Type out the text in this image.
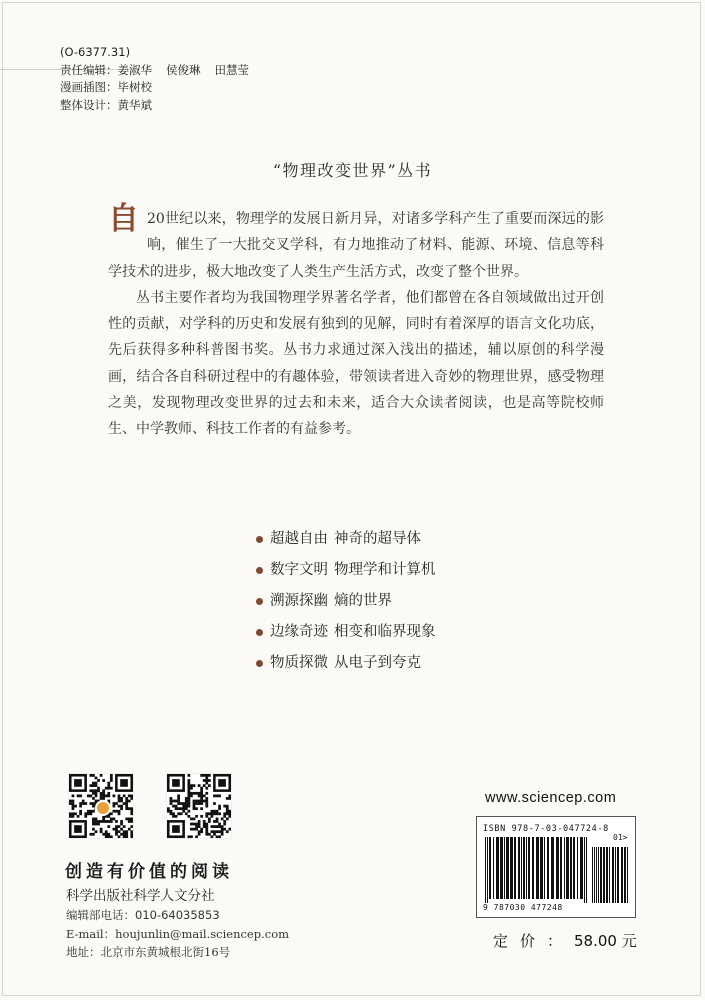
(O-6377.31)
责任编辑：姜淑华 侯俊琳 田慧莹
漫画插图：毕树校
整体设计：黄华斌
“物理改变世界”丛书

自 20世纪以来，物理学的发展日新月异，对诸多学科产生了重要而深远的影响，催生了一大批交叉学科，有力地推动了材料、能源、环境、信息等科学技术的进步，极大地改变了人类生产生活方式，改变了整个世界。

丛书主要作者均为我国物理学界著名学者，他们都曾在各自领域做出过开创性的贡献，对学科的历史和发展有独到的见解，同时有着深厚的语言文化功底，先后获得多种科普图书奖。丛书力求通过深入浅出的描述，辅以原创的科学漫画，结合各自科研过程中的有趣体验，带领读者进入奇妙的物理世界，感受物理之美，发现物理改变世界的过去和未来，适合大众读者阅读，也是高等院校师生、中学教师、科技工作者的有益参考。

超越自由 神奇的超导体
数字文明 物理学和计算机
溯源探幽 熵的世界
边缘奇迹 相变和临界现象
物质探微 从电子到夸克
创造有价值的阅读
科学出版社科学人文分社
编辑部电话：010-64035853
E-mail：houjunlin@mail.sciencep.com
地址：北京市东黄城根北街16号
www.sciencep.com
ISBN 978-7-03-047724-8
01>
9 787030 477248
定价：58.00 元
